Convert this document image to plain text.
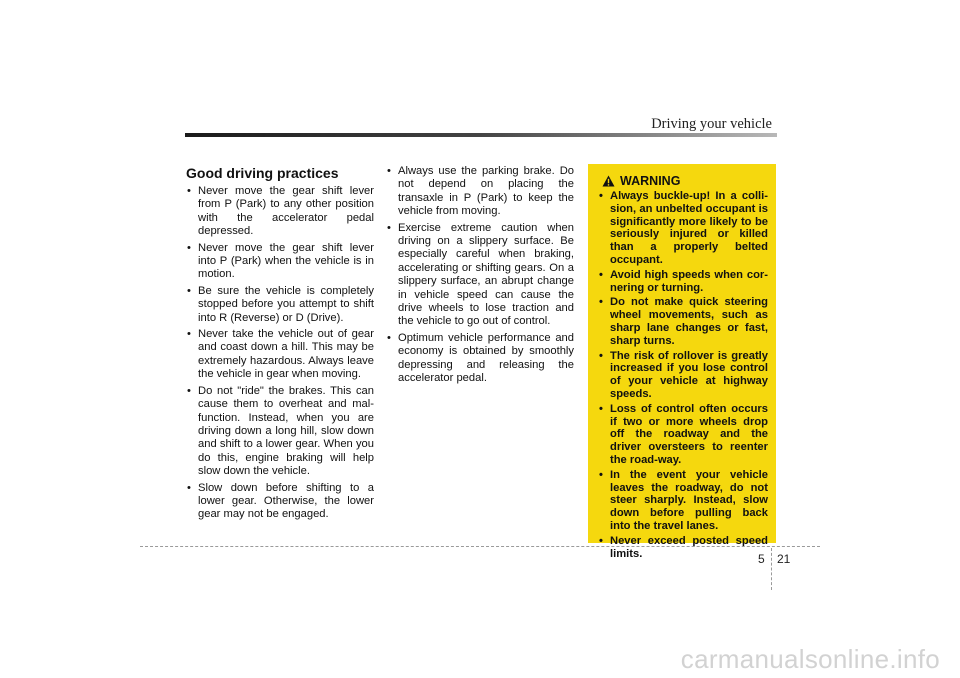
Driving your vehicle
Good driving practices
• Never move the gear shift lever from P (Park) to any other position with the accelerator pedal depressed.
• Never move the gear shift lever into P (Park) when the vehicle is in motion.
• Be sure the vehicle is completely stopped before you attempt to shift into R (Reverse) or D (Drive).
• Never take the vehicle out of gear and coast down a hill. This may be extremely hazardous. Always leave the vehicle in gear when moving.
• Do not "ride" the brakes. This can cause them to overheat and mal-function. Instead, when you are driving down a long hill, slow down and shift to a lower gear. When you do this, engine braking will help slow down the vehicle.
• Slow down before shifting to a lower gear. Otherwise, the lower gear may not be engaged.
• Always use the parking brake. Do not depend on placing the transaxle in P (Park) to keep the vehicle from moving.
• Exercise extreme caution when driving on a slippery surface. Be especially careful when braking, accelerating or shifting gears. On a slippery surface, an abrupt change in vehicle speed can cause the drive wheels to lose traction and the vehicle to go out of control.
• Optimum vehicle performance and economy is obtained by smoothly depressing and releasing the accelerator pedal.
WARNING
• Always buckle-up! In a colli-sion, an unbelted occupant is significantly more likely to be seriously injured or killed than a properly belted occupant.
• Avoid high speeds when cor-nering or turning.
• Do not make quick steering wheel movements, such as sharp lane changes or fast, sharp turns.
• The risk of rollover is greatly increased if you lose control of your vehicle at highway speeds.
• Loss of control often occurs if two or more wheels drop off the roadway and the driver oversteers to reenter the road-way.
• In the event your vehicle leaves the roadway, do not steer sharply. Instead, slow down before pulling back into the travel lanes.
• Never exceed posted speed limits.	5 21
carmanualsonline.info
